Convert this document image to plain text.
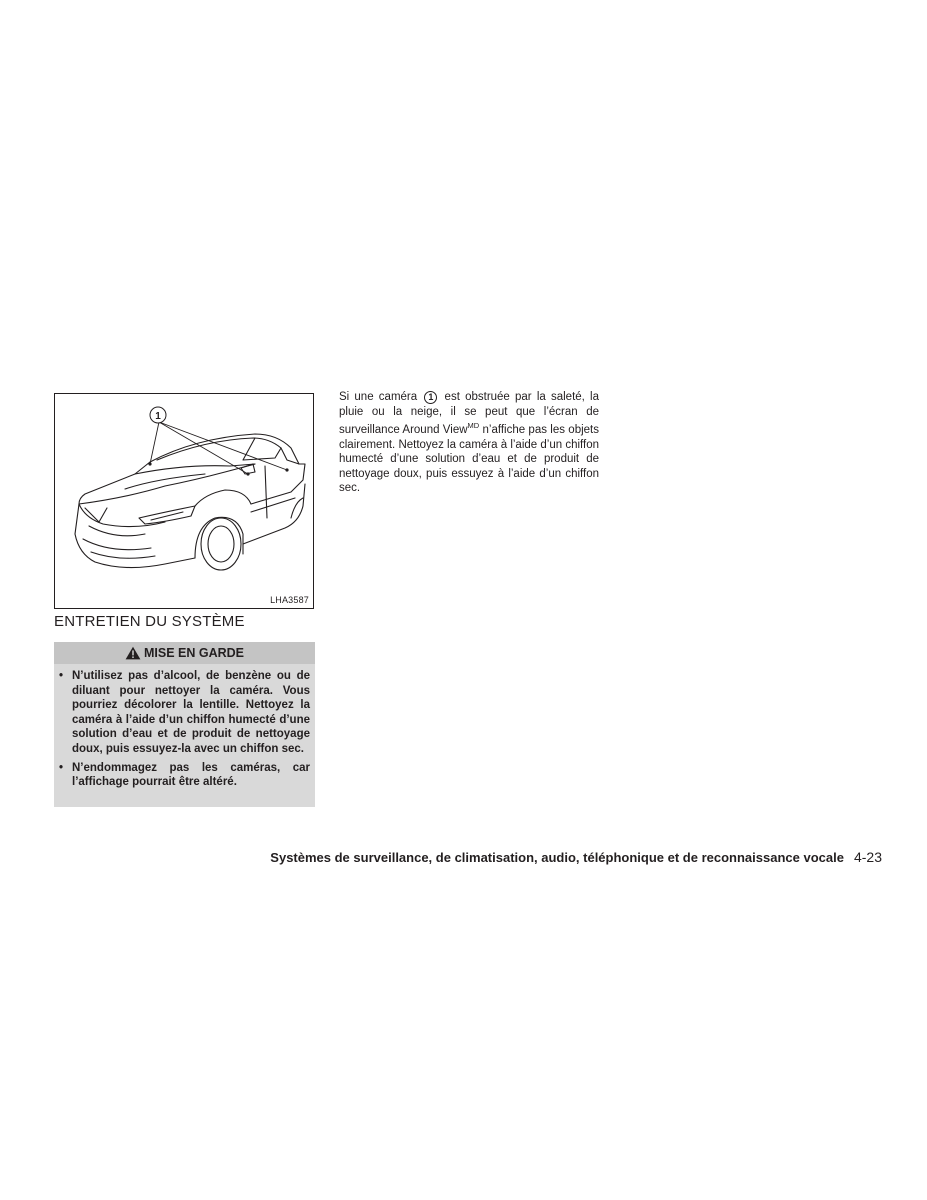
1
LHA3587
ENTRETIEN DU SYSTÈME
MISE EN GARDE
• N’utilisez pas d’alcool, de benzène ou de diluant pour nettoyer la caméra. Vous pourriez décolorer la lentille. Nettoyez la caméra à l’aide d’un chiffon humecté d’une solution d’eau et de produit de nettoyage doux, puis essuyez-la avec un chiffon sec.
• N’endommagez pas les caméras, car l’affichage pourrait être altéré.

Si une caméra 1 est obstruée par la saleté, la pluie ou la neige, il se peut que l’écran de surveillance Around View$^{MD}$ n’affiche pas les objets clairement. Nettoyez la caméra à l’aide d’un chiffon humecté d’une solution d’eau et de produit de nettoyage doux, puis essuyez à l’aide d’un chiffon sec.

Systèmes de surveillance, de climatisation, audio, téléphonique et de reconnaissance vocale 4-23
